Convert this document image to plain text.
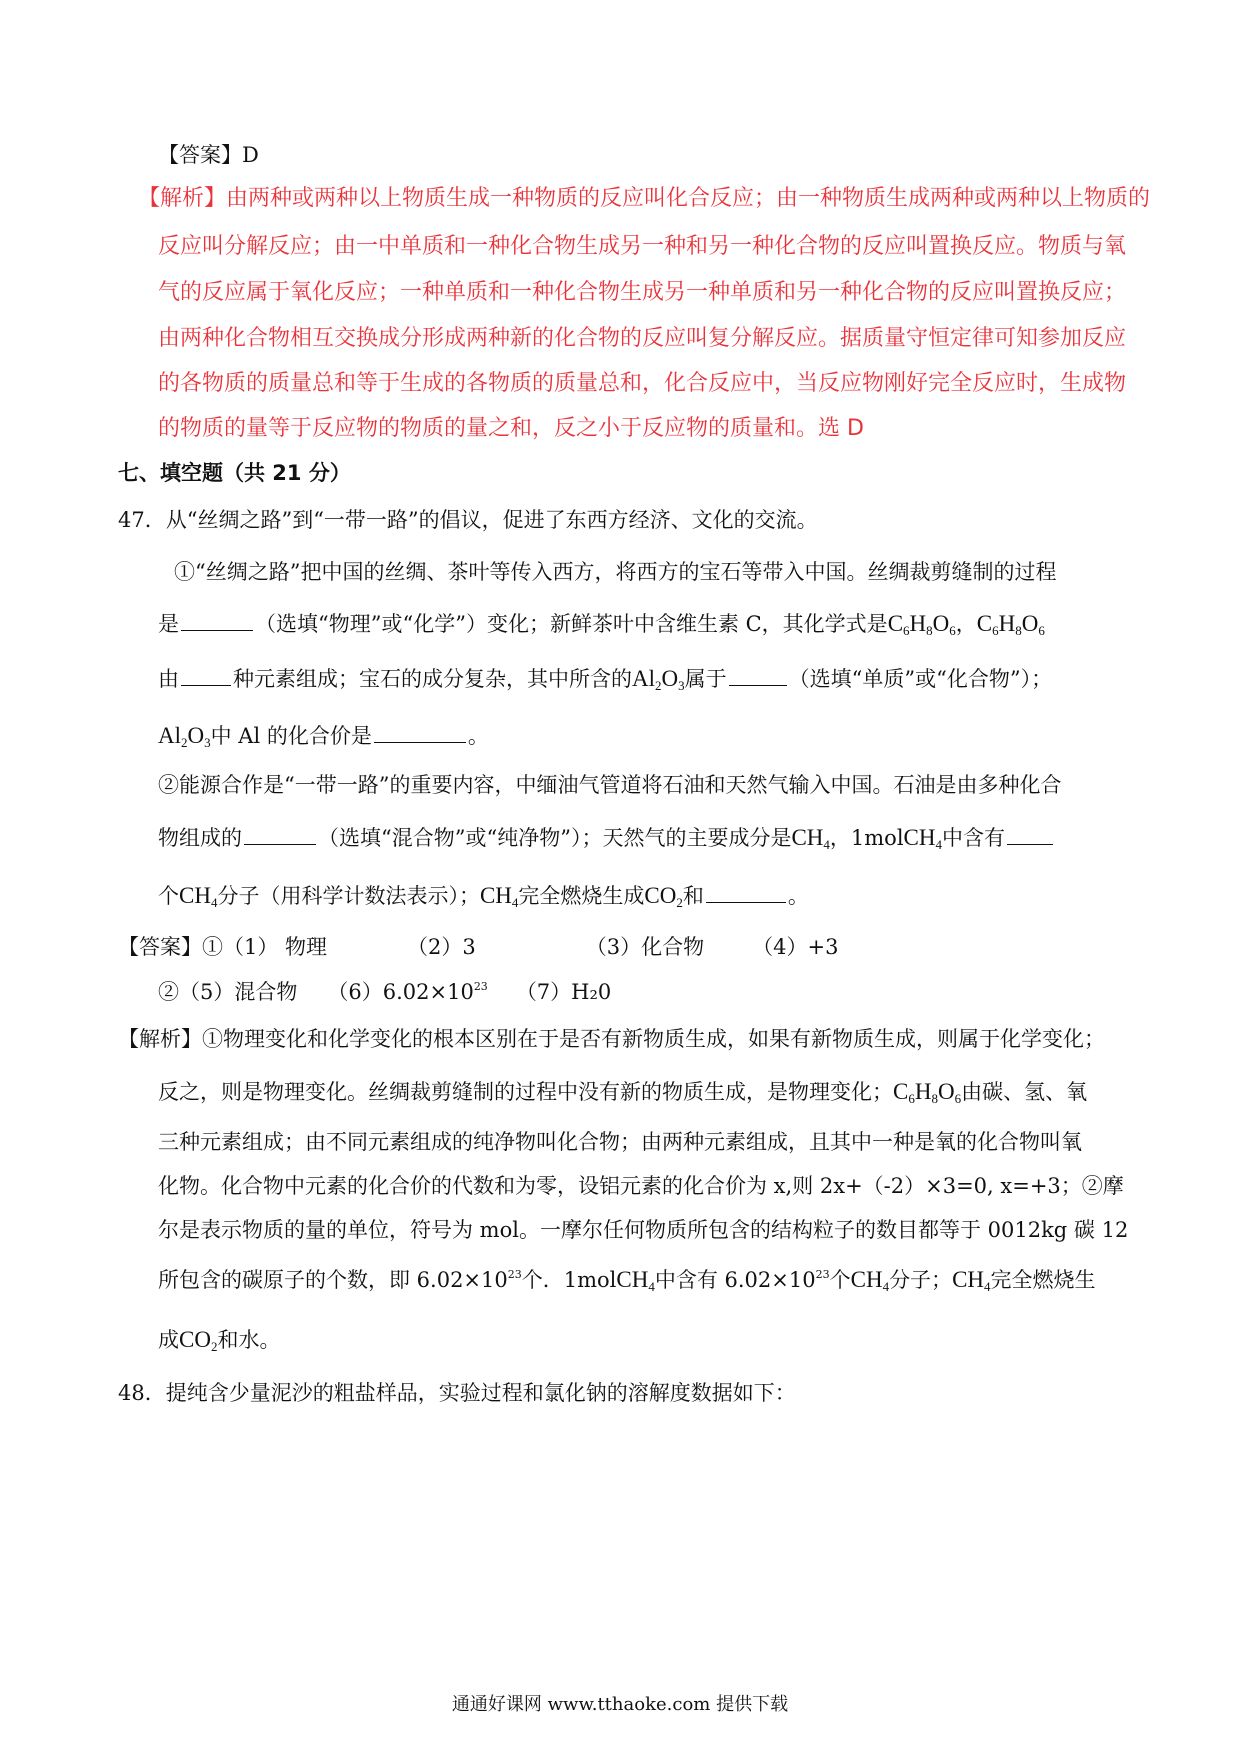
【答案】D
【解析】由两种或两种以上物质生成一种物质的反应叫化合反应；由一种物质生成两种或两种以上物质的
反应叫分解反应；由一中单质和一种化合物生成另一种和另一种化合物的反应叫置换反应。物质与氧
气的反应属于氧化反应；一种单质和一种化合物生成另一种单质和另一种化合物的反应叫置换反应；
由两种化合物相互交换成分形成两种新的化合物的反应叫复分解反应。据质量守恒定律可知参加反应
的各物质的质量总和等于生成的各物质的质量总和，化合反应中，当反应物刚好完全反应时，生成物
的物质的量等于反应物的物质的量之和，反之小于反应物的质量和。选 D
七、填空题（共 21 分）
47．从“丝绸之路”到“一带一路”的倡议，促进了东西方经济、文化的交流。
①“丝绸之路”把中国的丝绸、茶叶等传入西方，将西方的宝石等带入中国。丝绸裁剪缝制的过程
是	（选填“物理”或“化学”）变化；新鲜茶叶中含维生素 C，其化学式是$C_6H_8O_6$，$C_6H_8O_6$
由	种元素组成；宝石的成分复杂，其中所含的$Al_2O_3$属于	（选填“单质”或“化合物”）；
$Al_2O_3$中 Al 的化合价是	。
②能源合作是“一带一路”的重要内容，中缅油气管道将石油和天然气输入中国。石油是由多种化合
物组成的	（选填“混合物”或“纯净物”）；天然气的主要成分是$CH_4$，1molCH$_4$中含有
个$CH_4$分子（用科学计数法表示）；$CH_4$完全燃烧生成$CO_2$和	。
【答案】①（1） 物理	（2）3	（3）化合物 （4）+3
②（5）混合物 $(6)6.02\times 10^{23}$ （7）H₂0
【解析】①物理变化和化学变化的根本区别在于是否有新物质生成，如果有新物质生成，则属于化学变化；
反之，则是物理变化。丝绸裁剪缝制的过程中没有新的物质生成，是物理变化；$C_6H_8O_6$由碳、氢、氧
三种元素组成；由不同元素组成的纯净物叫化合物；由两种元素组成，且其中一种是氧的化合物叫氧
化物。化合物中元素的化合价的代数和为零，设铝元素的化合价为 x,则 2x+（-2）×3=0, x=+3；②摩
尔是表示物质的量的单位，符号为 mol。一摩尔任何物质所包含的结构粒子的数目都等于 0012kg 碳 12
所包含的碳原子的个数，即 $6.02\times 10^{23}$个．1molCH$_4$中含有 $6.02\times 10^{23}$个$CH_4$分子；$CH_4$完全燃烧生
成$CO_2$和水。
48．提纯含少量泥沙的粗盐样品，实验过程和氯化钠的溶解度数据如下：
通通好课网 www.tthaoke.com 提供下载
